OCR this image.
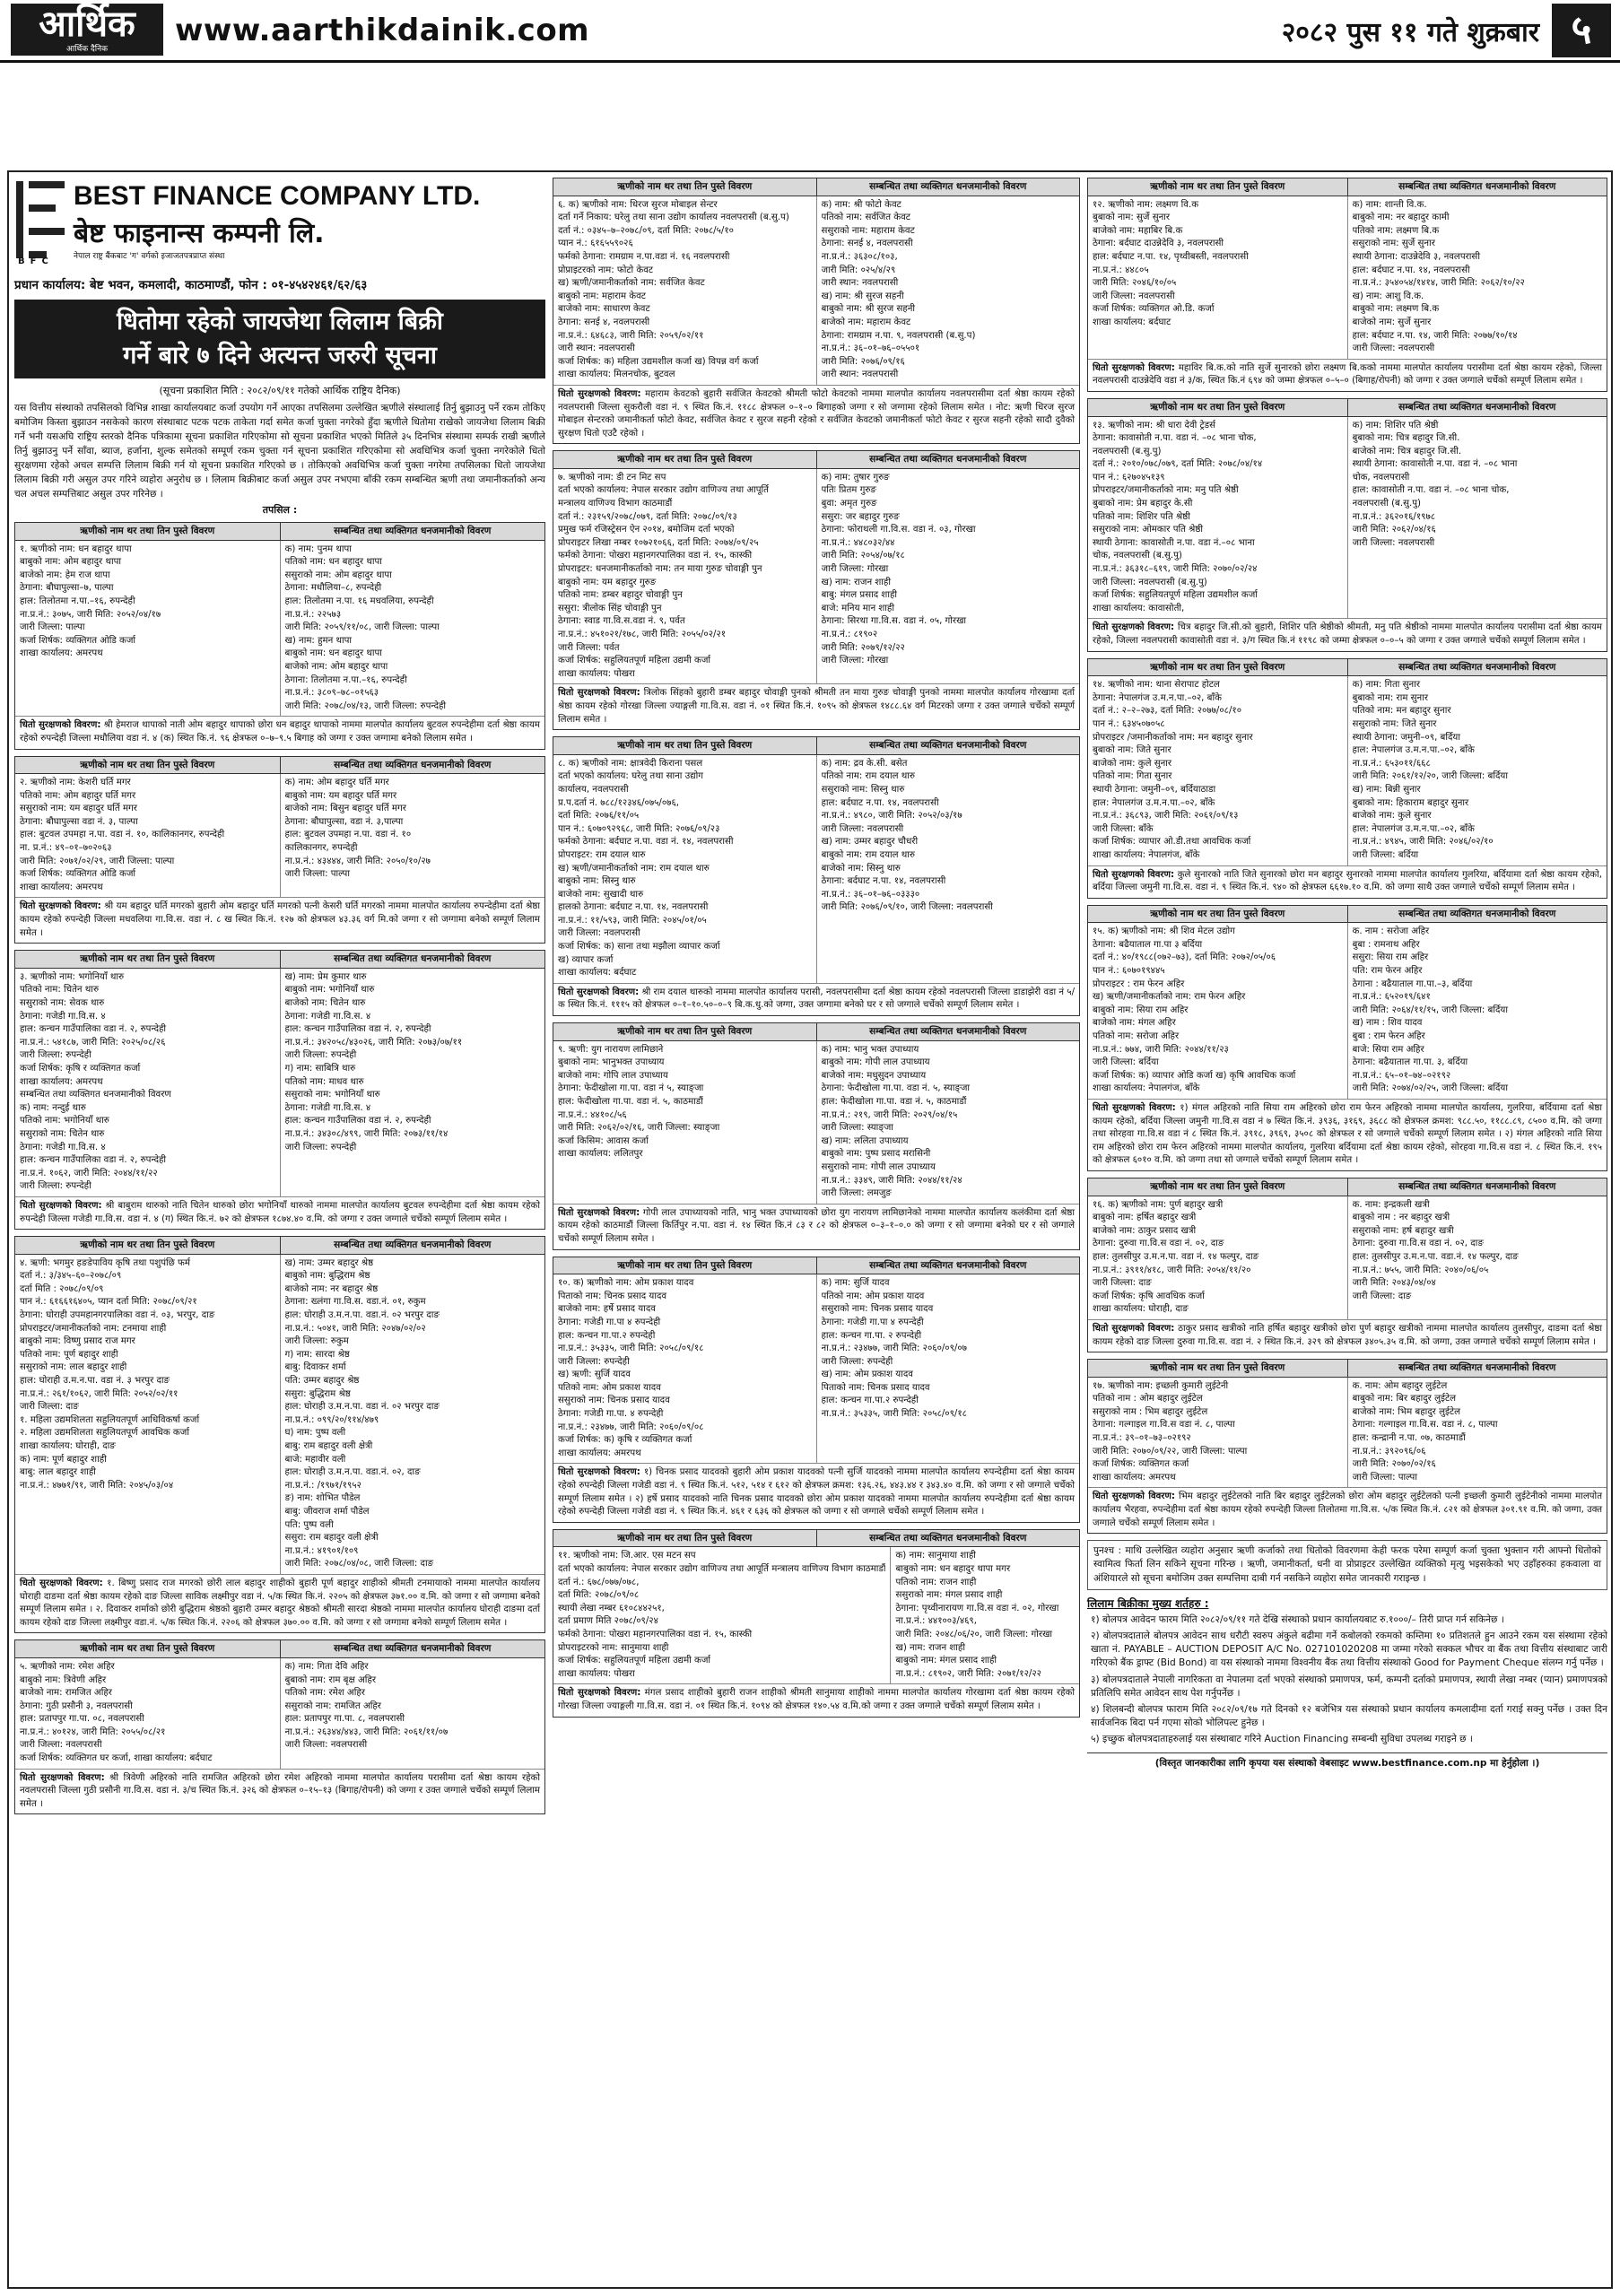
आर्थिक
आर्थिक दैनिक
www.aarthikdainik.com	२०८२ पुस ११ गते शुक्रबार ५
BEST FINANCE COMPANY LTD.
बेष्ट फाइनान्स कम्पनी लि.
नेपाल राष्ट्र बैंकबाट 'ग' वर्गको इजाजतपत्रप्राप्त संस्था
BFC
प्रधान कार्यालय: बेष्ट भवन, कमलादी, काठमाण्डौं, फोन : ०१-४५४२४६१/६२/६३
धितोमा रहेको जायजेथा लिलाम बिक्री
गर्ने बारे ७ दिने अत्यन्त जरुरी सूचना
(सूचना प्रकाशित मिति : २०८२/०९/११ गतेको आर्थिक राष्ट्रिय दैनिक)

यस वित्तीय संस्थाको तपसिलको विभिन्न शाखा कार्यालयबाट कर्जा उपयोग गर्ने आएका तपसिलमा उल्लेखित ऋणीले संस्थालाई तिर्नु बुझाउनु पर्ने रकम तोकिए बमोजिम किस्ता बुझाउन नसकेको कारण संस्थाबाट पटक पटक ताकेता गर्दा समेत कर्जा चुक्ता नगरेको हुँदा ऋणीले धितोमा राखेको जायजेथा लिलाम बिक्री गर्ने भनी यसअघि राष्ट्रिय स्तरको दैनिक पत्रिकामा सूचना प्रकाशित गरिएकोमा सो सूचना प्रकाशित भएको मितिले ३५ दिनभित्र संस्थामा सम्पर्क राखी ऋणीले तिर्नु बुझाउनु पर्ने साँवा, ब्याज, हर्जाना, शुल्क समेतको सम्पूर्ण रकम चुक्ता गर्न सूचना प्रकाशित गरिएकोमा सो अवधिभित्र कर्जा चुक्ता नगरेकोले धितो सुरक्षणमा रहेको अचल सम्पत्ति लिलाम बिक्री गर्न यो सूचना प्रकाशित गरिएको छ । तोकिएको अवधिभित्र कर्जा चुक्ता नगरेमा तपसिलका धितो जायजेथा लिलाम बिक्री गरी असुल उपर गरिने व्यहोरा अनुरोध छ । लिलाम बिक्रीबाट कर्जा असुल उपर नभएमा बाँकी रकम सम्बन्धित ऋणी तथा जमानीकर्ताको अन्य चल अचल सम्पत्तिबाट असुल उपर गरिनेछ ।

तपसिल :
ऋणीको नाम थर तथा तिन पुस्ते विवरण	सम्बन्धित तथा व्यक्तिगत धनजमानीको विवरण
१. ऋणीको नाम: धन बहादुर थापा
बाबुको नाम: ओम बहादुर थापा
बाजेको नाम: हेम राज थापा
ठेगाना: बौघापुल्सा–७, पाल्पा
हाल: तिलोतमा न.पा.–१६, रुपन्देही
ना.प्र.नं.: ३०७५, जारी मिति: २०५२/०४/१७
जारी जिल्ला: पाल्पा
कर्जा शिर्षक: व्यक्तिगत ओडि कर्जा
शाखा कार्यालय: अमरपथ
क) नाम: पुनम थापा
पतिको नाम: धन बहादुर थापा
ससुराको नाम: ओम बहादुर थापा
ठेगाना: मधौलिया–८, रुपन्देही
हाल: तिलोतमा न.पा. १६ मधवलिया, रुपन्देही
ना.प्र.नं.: २२५७३
जारी मिति: २०५९/११/०८, जारी जिल्ला: पाल्पा
ख) नाम: हुमन थापा
बाबुको नाम: धन बहादुर थापा
बाजेको नाम: ओम बहादुर थापा
ठेगाना: तिलोतमा न.पा.–१६, रुपन्देही
ना.प्र.नं.: ३८०९–७८–०१५६३
जारी मिति: २०७८/०४/१३, जारी जिल्ला: रुपन्देही
धितो सुरक्षणको विवरण: श्री हेमराज थापाको नाती ओम बहादुर थापाको छोरा धन बहादुर थापाको नाममा मालपोत कार्यालय बुटवल रुपन्देहीमा दर्ता श्रेष्ठा कायम रहेको रुपन्देही जिल्ला मधौलिया वडा नं. ४ (क) स्थित कि.नं. ९६ क्षेत्रफल ०–७–९.५ बिगाह को जग्गा र उक्त जग्गामा बनेको लिलाम समेत ।
ऋणीको नाम थर तथा तिन पुस्ते विवरण	सम्बन्धित तथा व्यक्तिगत धनजमानीको विवरण
२. ऋणीको नाम: केशरी घर्ति मगर
पतिको नाम: ओम बहादुर घर्ति मगर
ससुराको नाम: यम बहादुर घर्ति मगर
ठेगाना: बौघापुल्सा वडा नं. ३, पाल्पा
हाल: बुटवल उपमहा न.पा. वडा नं. १०, कालिकानगर, रुपन्देही
ना. प्र.नं.: ४९–०१–७०२०६३
जारी मिति: २०७१/०२/२९, जारी जिल्ला: पाल्पा
कर्जा शिर्षक: व्यक्तिगत ओडि कर्जा
शाखा कार्यालय: अमरपथ
क) नाम: ओम बहादुर घर्ति मगर
बाबुको नाम: यम बहादुर घर्ति मगर
बाजेको नाम: बिसुन बहादुर घर्ति मगर
ठेगाना: बौघापुल्सा, वडा नं. ३,पाल्पा
हाल: बुटवल उपमहा न.पा. वडा नं. १०
कालिकानगर, रुपन्देही
ना.प्र.नं.: ४३४४४, जारी मिति: २०५०/१०/२७
जारी जिल्ला: पाल्पा
धितो सुरक्षणको विवरण: श्री यम बहादुर घर्ति मगरको बुहारी ओम बहादुर घर्ति मगरको पत्नी केसरी घर्ति मगरको नाममा मालपोत कार्यालय रुपन्देहीमा दर्ता श्रेष्ठा कायम रहेको रुपन्देही जिल्ला मधवलिया गा.वि.स. वडा नं. ८ ख स्थित कि.नं. १२७ को क्षेत्रफल ४३.३६ वर्ग मि.को जग्गा र सो जग्गामा बनेको सम्पूर्ण लिलाम समेत ।
ऋणीको नाम थर तथा तिन पुस्ते विवरण	सम्बन्धित तथा व्यक्तिगत धनजमानीको विवरण
३. ऋणीको नाम: भगोनियाँ थारु
पतिको नाम: चितेन थारु
ससुराको नाम: सेवक थारु
ठेगाना: गजेडी गा.वि.स. ४
हाल: कन्चन गाउँपालिका वडा नं. २, रुपन्देही
ना.प्र.नं.: ५४१८७, जारी मिति: २०२५/०८/२६
जारी जिल्ला: रुपन्देही
कर्जा शिर्षक: कृषि र व्यक्तिगत कर्जा
शाखा कार्यालय: अमरपथ
सम्बन्धित तथा व्यक्तिगत धनजमानीको विवरण
क) नाम: नन्दुई थारु
पतिको नाम: भगोनियाँ थारु
ससुराको नाम: चितेन थारु
ठेगाना: गजेडी गा.वि.स. ४
हाल: कन्चन गाउँपालिका वडा नं. २, रुपन्देही
ना.प्र.नं. १०६२, जारी मिति: २०४४/११/२२
जारी जिल्ला: रुपन्देही
ख) नाम: प्रेम कुमार थारु
बाबुको नाम: भगोनियाँ थारु
बाजेको नाम: चितेन थारु
ठेगाना: गजेडी गा.वि.स. ४
हाल: कन्चन गाउँपालिका वडा नं. २, रुपन्देही
ना.प्र.नं.: ३४२०५८/४३०२६, जारी मिति: २०७३/०७/११
जारी जिल्ला: रुपन्देही
ग) नाम: साबित्रि थारु
पतिको नाम: माधव थारु
ससुराको नाम: भगोनियाँ थारु
ठेगाना: गजेडी गा.वि.स. ४
हाल: कन्चन गाउँपालिका वडा नं. २, रुपन्देही
ना.प्र.नं.: ३४३०८/४९९, जारी मिति: २०७३/११/१४
जारी जिल्ला: रुपन्देही
धितो सुरक्षणको विवरण: श्री बाबुराम थारुको नाति चितेन थारुको छोरा भगोनियाँ थारुको नाममा मालपोत कार्यालय बुटवल रुपन्देहीमा दर्ता श्रेष्ठा कायम रहेको रुपन्देही जिल्ला गजेडी गा.वि.स. वडा नं. ४ (ग) स्थित कि.नं. ७२ को क्षेत्रफल १८७४.४० व.मि. को जग्गा र उक्त जग्गाले चर्चेको सम्पूर्ण लिलाम समेत ।
ऋणीको नाम थर तथा तिन पुस्ते विवरण	सम्बन्धित तथा व्यक्तिगत धनजमानीको विवरण
४. ऋणी: भगमुर हङडेपाविय कृषि तथा पशुपंछि फर्म
दर्ता नं.: ३/३४५–६०–२०७८/०९
दर्ता मिति : २०७८/०९/०९
पान नं.: ६१६६१६४०५, प्यान दर्ता मिति: २०७८/०९/२१
ठेगाना: घोराही उपमहानगरपालिका वडा नं. ०३, भरपुर, दाङ
प्रोपराइटर/जमानीकर्ताको नाम: टनमाया शाही
बाबुको नाम: विष्णु प्रसाद राज मगर
पतिको नाम: पूर्ण बहादुर शाही
ससुराको नाम: लाल बहादुर शाही
हाल: घोराही उ.म.न.पा. वडा नं. ३ भरपुर दाङ
ना.प्र.नं.: २६१/१०६२, जारी मिति: २०५२/०२/११
जारी जिल्ला: दाङ
१. महिला उद्यमशिलता सहुलियतपूर्ण आधिविकर्षा कर्जा
२. महिला उद्यमशिलता सहुलियतपूर्ण आवधिक कर्जा
शाखा कार्यालय: घोराही, दाङ
क) नाम: पूर्ण बहादुर शाही
बाबु: लाल बहादुर शाही
ना.प्र.नं.: ४७७१/९१, जारी मिति: २०४५/०३/०४
ख) नाम: उम्मर बहादुर श्रेष्ठ
बाबुको नाम: बुद्धिराम श्रेष्ठ
बाजेको नाम: नर बहादुर श्रेष्ठ
ठेगाना: ख्लंगा गा.वि.स. वडा.नं. ०१, रुकुम
हाल: घोराही उ.म.न.पा. वडा.नं. ०२ भरपुर दाङ
ना.प्र.नं.: ५०४१, जारी मिति: २०४७/०२/०२
जारी जिल्ला: रुकुम
ग) नाम: सारदा श्रेष्ठ
बाबु: दिवाकर शर्मा
पति: उम्मर बहादुर श्रेष्ठ
ससुरा: बुद्धिराम श्रेष्ठ
हाल: घोराही उ.म.न.पा. वडा नं. ०२ भरपुर दाङ
ना.प्र.नं.: ०९९/२०/११४/४७९
घ) नाम: पुष्प वली
बाबु: राम बहादुर वली क्षेत्री
बाजे: महावीर वली
हाल: घोराही उ.म.न.पा. वडा.नं. ०२, दाङ
ना.प्र.नं.: /१९७१/१९५२
ङ) नाम: शोभित पौडेल
बाबु: जीवराज शर्मा पौडेल
पति: पुष्प वली
ससुरा: राम बहादुर वली क्षेत्री
ना.प्र.नं.: ४१९०१/१०९
जारी मिति: २०७८/०४/०८, जारी जिल्ला: दाङ
धितो सुरक्षणको विवरण: १. बिष्णु प्रसाद राज मगरको छोरी लाल बहादुर शाहीको बुहारी पूर्ण बहादुर शाहीको श्रीमती टनमायाको नाममा मालपोत कार्यालय घोराही दाङमा दर्ता श्रेष्ठा कायम रहेको दाङ जिल्ला साविक लक्ष्मीपुर वडा नं. ५/क स्थित कि.नं. २२०५ को क्षेत्रफल ३७१.०० व.मि. को जग्गा र सो जग्गामा बनेको सम्पूर्ण लिलाम समेत । २. दिवाकर शर्माको छोरी बुद्धिराम श्रेष्ठको बुहारी उम्मर बहादुर श्रेष्ठको श्रीमती सारदा श्रेष्ठको नाममा मालपोत कार्यालय घोराही दाङमा दर्ता कायम रहेको दाङ जिल्ला लक्ष्मीपुर वडा.नं. ५/क स्थित कि.नं. २२०६ को क्षेत्रफल ३७०.०० व.मि. को जग्गा र सो जग्गामा बनेको सम्पूर्ण लिलाम समेत ।
ऋणीको नाम थर तथा तिन पुस्ते विवरण	सम्बन्धित तथा व्यक्तिगत धनजमानीको विवरण
५. ऋणीको नाम: रमेश अहिर
बाबुको नाम: त्रिवेणी अहिर
बाजेको नाम: रामजित अहिर
ठेगाना: गुठी प्रसौनी ३, नवलपरासी
हाल: प्रतापपुर गा.पा. ०८, नवलपरासी
ना.प्र.नं.: ४०१२४, जारी मिति: २०५५/०८/२१
जारी जिल्ला: नवलपरासी
कर्जा शिर्षक: व्यक्तिगत घर कर्जा, शाखा कार्यालय: बर्दघाट
क) नाम: गिता देवि अहिर
बुबाको नाम: राम बृक्ष अहिर
पतिको नाम: रमेश अहिर
ससुराको नाम: रामजित अहिर
हाल: प्रतापपुर गा.पा. ८, नवलपरासी
ना.प्र.नं.: २६३४४/४४३, जारी मिति: २०६१/११/०७
जारी जिल्ला: नवलपरासी
धितो सुरक्षणको विवरण: श्री त्रिवेणी अहिरको नाति रामजित अहिरको छोरा रमेश अहिरको नाममा मालपोत कार्यालय परासीमा दर्ता श्रेष्ठा कायम रहेको नवलपरासी जिल्ला गुठी प्रसौनी गा.वि.स. वडा नं. ३/च स्थित कि.नं. ३२६ को क्षेत्रफल ०–१५–१३ (बिगाह/रोपनी) को जग्गा र उक्त जग्गाले चर्चेको सम्पूर्ण लिलाम समेत ।
ऋणीको नाम थर तथा तिन पुस्ते विवरण	सम्बन्धित तथा व्यक्तिगत धनजमानीको विवरण
६. क) ऋणीको नाम: धिरज सुरज मोबाइल सेन्टर
दर्ता गर्ने निकाय: घरेलु तथा साना उद्योग कार्यालय नवलपरासी (ब.सु.प)
दर्ता नं.: ०३४५–७–२०७८/०९, दर्ता मिति: २०७८/५/१०
प्यान नं.: ६१६५५९०२६
फर्मको ठेगाना: रामग्राम न.पा.वडा नं. १६ नवलपरासी
प्रोप्राइटरको नाम: फोटो केवट
ख) ऋणी/जमानीकर्ताको नाम: सर्वजित केवट
बाबुको नाम: महाराम केवट
बाजेको नाम: साधारण केवट
ठेगाना: सनई ४, नवलपरासी
ना.प्र.नं.: ६४६८३, जारी मिति: २०५९/०२/११
जारी स्थान: नवलपरासी
कर्जा शिर्षक: क) महिला उद्यमशील कर्जा ख) विपन्न वर्ग कर्जा
शाखा कार्यालय: मिलनचोक, बुटवल
क) नाम: श्री फोटो केवट
पतिको नाम: सर्वजित केवट
ससुराको नाम: महाराम केवट
ठेगाना: सनई ४, नवलपरासी
ना.प्र.नं.: ३६३०८/१०३,
जारी मिति: ०२५/४/२९
जारी स्थान: नवलपरासी
ख) नाम: श्री सुरज सहनी
बाबुको नाम: श्री सुरज सहनी
बाजेको नाम: महाराम केवट
ठेगाना: रामग्राम न.पा. ९, नवलपरासी (ब.सु.प)
ना.प्र.नं.: ३६–०१–७६–०५५०१
जारी मिति: २०७६/०९/१६
जारी स्थान: नवलपरासी
धितो सुरक्षणको विवरण: महाराम केवटको बुहारी सर्वजित केवटको श्रीमती फोटो केवटको नाममा मालपोत कार्यालय नवलपरासीमा दर्ता श्रेष्ठा कायम रहेको नवलपरासी जिल्ला सुकरौली वडा नं. ९ स्थित कि.नं. ११८८ क्षेत्रफल ०–१–० बिगाहको जग्गा र सो जग्गामा रहेको लिलाम समेत । नोट: ऋणी धिरज सुरज मोबाइल सेन्टरको जमानीकर्ता फोटो केवट, सर्वजित केवट र सुरज सहनी रहेको र सर्वजित केवटको जमानीकर्ता फोटो केवट र सुरज सहनी रहेको सादौ दुवैको सुरक्षण धितो एउटै रहेको ।
ऋणीको नाम थर तथा तिन पुस्ते विवरण	सम्बन्धित तथा व्यक्तिगत धनजमानीको विवरण
७. ऋणीको नाम: डी टन मिट सप
दर्ता भएको कार्यालय: नेपाल सरकार उद्योग वाणिज्य तथा आपूर्ति
मन्त्रालय वाणिज्य विभाग काठमाडौं
दर्ता नं.: २३१५९/२०७८/०७९, दर्ता मिति: २०७८/०९/१३
प्रमुख फर्म रजिस्ट्रेसन ऐन २०१४, बमोजिम दर्ता भएको
प्रोपराइटर लिखा नम्बर १०७२१०६६, दर्ता मिति: २०७४/०९/२५
फर्मको ठेगाना: पोखरा महानगरपालिका वडा नं. १५, कास्की
प्रोपराइटर: धनजमानीकर्ताको नाम: तन माया गुरुङ चोवाङ्गी पुन
बाबुको नाम: यम बहादुर गुरुङ
पतिको नाम: डम्बर बहादुर चोवाङ्गी पुन
ससुरा: त्रीलोक सिंह चोवाङ्गी पुन
ठेगाना: स्वाड गा.वि.स.वडा नं. ९, पर्वत
ना.प्र.नं.: ४५१०२१/१७८, जारी मिति: २०५५/०२/२१
जारी जिल्ला: पर्वत
कर्जा शिर्षक: सहुलियतपूर्ण महिला उद्यमी कर्जा
शाखा कार्यालय: पोखरा
क) नाम: तुषार गुरुङ
पतिः प्रितम गुरुङ
बुवा: अमृत गुरुङ
ससुरा: जर बहादुर गुरुङ
ठेगाना: फोराथली गा.वि.स. वडा नं. ०३, गोरखा
ना.प्र.नं.: ४४८०३२/४४
जारी मिति: २०५४/०७/१८
जारी जिल्ला: गोरखा
ख) नाम: राजन शाही
बाबु: मंगल प्रसाद शाही
बाजे: मनिय मान शाही
ठेगाना: सिरथा गा.वि.स. वडा नं. ०५, गोरखा
ना.प्र.नं.: ८१९०२
जारी मिति: २०७९/१२/२२
जारी जिल्ला: गोरखा
धितो सुरक्षणको विवरण: त्रिलोक सिंहको बुहारी डम्बर बहादुर चोवाङ्गी पुनको श्रीमती तन माया गुरुङ चोवाङ्गी पुनको नाममा मालपोत कार्यालय गोरखामा दर्ता श्रेष्ठा कायम रहेको गोरखा जिल्ला ज्याङ्गली गा.वि.स. वडा नं. ०१ स्थित कि.नं. १०९५ को क्षेत्रफल १४८८.६४ वर्ग मिटरको जग्गा र उक्त जग्गाले चर्चेको सम्पूर्ण लिलाम समेत ।
ऋणीको नाम थर तथा तिन पुस्ते विवरण	सम्बन्धित तथा व्यक्तिगत धनजमानीको विवरण
८. क) ऋणीको नाम: क्षात्रवेदी किराना पसल
दर्ता भएको कार्यालय: घरेलु तथा साना उद्योग
कार्यालय, नवलपरासी
प्र.प.दर्ता नं. ७८८/१२३४६/०७५/०७६,
दर्ता मिति: २०७६/११/०५
पान नं.: ६०७०९२९६८, जारी मिति: २०७६/०९/२३
फर्मको ठेगाना: बर्दघाट न.पा. वडा नं. १४, नवलपरासी
प्रोपराइटर: राम दयाल थारु
ख) ऋणी/जमानीकर्ताको नाम: राम दयाल थारु
बाबुको नाम: सिस्नु थारु
बाजेको नाम: सुखादी थारु
हालको ठेगाना: बर्दघाट न.पा. १४, नवलपरासी
ना.प्र.नं.: ११/५९३, जारी मिति: २०४५/०१/०५
जारी जिल्ला: नवलपरासी
कर्जा शिर्षक: क) साना तथा मझौला व्यापार कर्जा
ख) व्यापार कर्जा
शाखा कार्यालय: बर्दघाट
क) नाम: द्रव के.सी. बसेत
पतिको नाम: राम दयाल थारु
ससुराको नाम: सिस्नु थारु
हाल: बर्दघाट न.पा. १४, नवलपरासी
ना.प्र.नं.: ४९८०, जारी मिति: २०५२/०३/१७
जारी जिल्ला: नवलपरासी
ख) नाम: उम्मर बहादुर चौधरी
बाबुको नाम: राम दयाल थारु
बाजेको नाम: सिस्नु थारु
ठेगाना: बर्दघाट न.पा. १४, नवलपरासी
ना.प्र.नं.: ३६–०१–७६–०३३३०
जारी मिति: २०७६/०९/१०, जारी जिल्ला: नवलपरासी
धितो सुरक्षणको विवरण: श्री राम दयाल थारुको नाममा मालपोत कार्यालय परासी, नवलपरासीमा दर्ता श्रेष्ठा कायम रहेको नवलपरासी जिल्ला डाडाझेरी वडा नं ५/क स्थित कि.नं. १११५ को क्षेत्रफल ०–१–१०.५०–०–९ बि.क.धु.को जग्गा, उक्त जग्गामा बनेको घर र सो जग्गाले चर्चेको सम्पूर्ण लिलाम समेत ।
ऋणीको नाम थर तथा तिन पुस्ते विवरण	सम्बन्धित तथा व्यक्तिगत धनजमानीको विवरण
९. ऋणी: युग नारायण लामिछाने
बुबाको नाम: भानुभक्त उपाध्याय
बाजेको नाम: गोपि लाल उपाध्याय
ठेगाना: फेदीखोला गा.पा. वडा नं ५, स्याङ्जा
हाल: फेदीखोला गा.पा. वडा नं. ५, काठमाडौं
ना.प्र.नं.: ४४१०८/५६
जारी मिति: २०६२/०२/१६, जारी जिल्ला: स्याङ्जा
कर्जा किसिम: आवास कर्जा
शाखा कार्यालय: ललितपुर
क) नाम: भानु भक्त उपाध्याय
बाबुको नाम: गोपी लाल उपाध्याय
बाजेको नाम: मधुसुदन उपाध्याय
ठेगाना: फेदीखोला गा.पा. वडा नं. ५, स्याङ्जा
हाल: फेदीखोला गा.पा. वडा नं. ५, काठमाडौं
ना.प्र.नं.: २१९, जारी मिति: २०२९/०४/१५
जारी जिल्ला: स्याङ्जा
ख) नाम: ललिता उपाध्याय
बाबुको नाम: पुष्प प्रसाद मरासिनी
ससुराको नाम: गोपी लाल उपाध्याय
ना.प्र.नं.: ३३४९, जारी मिति: २०४४/११/२४
जारी जिल्ला: लमजुङ
धितो सुरक्षणको विवरण: गोपी लाल उपाध्यायको नाति, भानु भक्त उपाध्यायको छोरा युग नारायण लामिछानेको नाममा मालपोत कार्यालय कलंकीमा दर्ता श्रेष्ठा कायम रहेको काठमाडौं जिल्ला किर्तिपुर न.पा. वडा नं. १४ स्थित कि.नं ८३ र ८२ को क्षेत्रफल ०–३–१–०.० को जग्गा र सो जग्गामा बनेको घर र सो जग्गाले चर्चेको सम्पूर्ण लिलाम समेत ।
ऋणीको नाम थर तथा तिन पुस्ते विवरण	सम्बन्धित तथा व्यक्तिगत धनजमानीको विवरण
१०. क) ऋणीको नाम: ओम प्रकाश यादव
पिताको नाम: चिनक प्रसाद यादव
बाजेको नाम: हर्षे प्रसाद यादव
ठेगाना: गजेडी गा.पा ४ रुपन्देही
हाल: कन्चन गा.पा.२ रुपन्देही
ना.प्र.नं.: ३५३३५, जारी मिति: २०५८/०९/१८
जारी जिल्ला: रुपन्देही
ख) ऋणी: सुर्जि यादव
पतिको नाम: ओम प्रकाश यादव
ससुराको नाम: चिनक प्रसाद यादव
ठेगाना: गजेडी गा.पा. ४ रुपन्देही
ना.प्र.नं.: २३४७७, जारी मिति: २०६०/०९/०८
कर्जा शिर्षक: क) कृषि र व्यक्तिगत कर्जा
शाखा कार्यालय: अमरपथ
क) नाम: सुर्जि यादव
पतिको नाम: ओम प्रकाश यादव
ससुराको नाम: चिनक प्रसाद यादव
ठेगाना: गजेडी गा.पा ४ रुपन्देही
हाल: कन्चन गा.पा. २ रुपन्देही
ना.प्र.नं.: २३४७७, जारी मिति: २०६०/०९/०७
जारी जिल्ला: रुपन्देही
ख) नाम: ओम प्रकाश यादव
पिताको नाम: चिनक प्रसाद यादव
हाल: कन्चन गा.पा.२ रुपन्देही
ना.प्र.नं.: ३५३३५, जारी मिति: २०५८/०९/१८
धितो सुरक्षणको विवरण: १) चिनक प्रसाद यादवको बुहारी ओम प्रकाश यादवको पत्नी सुर्जि यादवको नाममा मालपोत कार्यालय रुपन्देहीमा दर्ता श्रेष्ठा कायम रहेको रुपन्देही जिल्ला गजेडी वडा नं. ९ स्थित कि.नं. ५१२, ५१४ र ६१२ को क्षेत्रफल क्रमश: १३६.२६, ४४३.४४ र ३४३.४० व.मि. को जग्गा र सो जग्गाले चर्चेको सम्पूर्ण लिलाम समेत । २) हर्षे प्रसाद यादवको नाति चिनक प्रसाद यादवको छोरा ओम प्रकाश यादवको नाममा मालपोत कार्यालय रुपन्देहीमा दर्ता श्रेष्ठा कायम रहेको रुपन्देही जिल्ला गजेडी वडा नं. ९ स्थित कि.नं. ४६१ र ६३६ को क्षेत्रफल को जग्गा र सो जग्गाले चर्चेको सम्पूर्ण लिलाम समेत ।
ऋणीको नाम थर तथा तिन पुस्ते विवरण	सम्बन्धित तथा व्यक्तिगत धनजमानीको विवरण
११. ऋणीको नाम: जि.आर. एस मटन सप
दर्ता भएको कार्यालय: नेपाल सरकार उद्योग वाणिज्य तथा आपूर्ति मन्त्रालय वाणिज्य विभाग काठमाडौं
दर्ता नं.: ६७८/०७७/०७८,
दर्ता मिति: २०७८/०९/०८
स्थायी लेखा नम्बर ६१०८४४२५१,
दर्ता प्रमाण मिति २०७८/०९/२४
फर्मको ठेगाना: पोखरा महानगरपालिका वडा नं. १५, कास्की
प्रोपराइटरको नाम: सानुमाया शाही
कर्जा शिर्षक: सहुलियतपूर्ण महिला उद्यमी कर्जा
शाखा कार्यालय: पोखरा
क) नाम: सानुमाया शाही
बाबुको नाम: धन बहादुर थापा मगर
पतिको नाम: राजन शाही
ससुराको नाम: मंगल प्रसाद शाही
ठेगाना: पृथ्वीनारायण गा.वि.स वडा नं. ०२, गोरखा
ना.प्र.नं.: ४४१००३/४६९,
जारी मिति: २०४८/०६/२०, जारी जिल्ला: गोरखा
ख) नाम: राजन शाही
बाबुको नाम: मंगल प्रसाद शाही
ना.प्र.नं.: ८१९०२, जारी मिति: २०७१/१२/२२
धितो सुरक्षणको विवरण: मंगल प्रसाद शाहीको बुहारी राजन शाहीको श्रीमती सानुमाया शाहीको नाममा मालपोत कार्यालय गोरखामा दर्ता श्रेष्ठा कायम रहेको गोरखा जिल्ला ज्याङ्गली गा.वि.स. वडा नं. ०१ स्थित कि.नं. १०९४ को क्षेत्रफल १४०.५४ व.मि.को जग्गा र उक्त जग्गाले चर्चेको सम्पूर्ण लिलाम समेत ।
ऋणीको नाम थर तथा तिन पुस्ते विवरण	सम्बन्धित तथा व्यक्तिगत धनजमानीको विवरण
१२. ऋणीको नाम: लक्ष्मण वि.क
बुबाको नाम: सुर्जे सुनार
बाजेको नाम: महाबिर बि.क
ठेगाना: बर्दघाट दाउन्नेदेवि ३, नवलपरासी
हाल: बर्दघाट न.पा. १४, पृथ्वीबस्ती, नवलपरासी
ना.प्र.नं.: ४४८०५
जारी मिति: २०४६/१०/०५
जारी जिल्ला: नवलपरासी
कर्जा शिर्षक: व्यक्तिगत ओ.डि. कर्जा
शाखा कार्यालय: बर्दघाट
क) नाम: शान्ती वि.क.
बाबुको नाम: नर बहादुर कामी
पतिको नाम: लक्ष्मण बि.क
ससुराको नाम: सुर्जे सुनार
स्थायी ठेगाना: दाउन्नेदेवि ३, नवलपरासी
हाल: बर्दघाट न.पा. १४, नवलपरासी
ना.प्र.नं.: ३५४०५४/१४१४, जारी मिति: २०६२/१०/२२
ख) नाम: आशु वि.क.
बाबुको नाम: लक्ष्मण बि.क
बाजेको नाम: सुर्जे सुनार
हाल: बर्दघाट न.पा. १४, जारी मिति: २०७७/१०/१४
जारी जिल्ला: नवलपरासी
धितो सुरक्षणको विवरण: महाविर बि.क.को नाति सुर्जे सुनारको छोरा लक्ष्मण बि.कको नाममा मालपोत कार्यालय परासीमा दर्ता श्रेष्ठा कायम रहेको, जिल्ला नवलपरासी दाउन्नेदेवि वडा नं ३/क, स्थित कि.नं ६९४ को जम्मा क्षेत्रफल ०–५–० (बिगाह/रोपनी) को जग्गा र उक्त जग्गाले चर्चेको सम्पूर्ण लिलाम समेत ।
ऋणीको नाम थर तथा तिन पुस्ते विवरण	सम्बन्धित तथा व्यक्तिगत धनजमानीको विवरण
१३. ऋणीको नाम: श्री धारा देवी ट्रेडर्स
ठेगाना: कावासोती न.पा. वडा नं. –०८ भाना चोक,
नवलपरासी (ब.सु.पु)
दर्ता नं.: २०१०/०७८/०७९, दर्ता मिति: २०७८/०४/१४
पान नं.: ६२७०४५१३९
प्रोपराइटर/जमानीकर्ताको नाम: मनु पति श्रेष्ठी
बुबाको नाम: प्रेम बहादुर के.सी
पतिको नाम: शिशिर पति श्रेष्ठी
ससुराको नाम: ओमकार पति श्रेष्ठी
स्थायी ठेगाना: कावासोती न.पा. वडा नं.–०८ भाना
चोक, नवलपरासी (ब.सु.पु)
ना.प्र.नं.: ३६३१८–६१९, जारी मिति: २०७०/०२/२४
जारी जिल्ला: नवलपरासी (ब.सु.पु)
कर्जा शिर्षक: सहुलियतपूर्ण महिला उद्यमशील कर्जा
शाखा कार्यालय: कावासोती,
क) नाम: शिशिर पति श्रेष्ठी
बुबाको नाम: चित्र बहादुर जि.सी.
बाजेको नाम: चित्र बहादुर जि.सी.
स्थायी ठेगाना: कावासोती न.पा. वडा नं. –०८ भाना
चोक, नवलपरासी
हाल: कावासोती न.पा. वडा नं. –०८ भाना चोक,
नवलपरासी (ब.सु.पु)
ना.प्र.नं.: ३६२०१६/१९७८
जारी मिति: २०६२/०४/१६
जारी जिल्ला: नवलपरासी
धितो सुरक्षणको विवरण: चित्र बहादुर जि.सी.को बुहारी, शिशिर पति श्रेष्ठीको श्रीमती, मनु पति श्रेष्ठीको नाममा मालपोत कार्यालय परासीमा दर्ता श्रेष्ठा कायम रहेको, जिल्ला नवलपरासी कावासोती वडा नं. ३/ग स्थित कि.नं ११९८ को जम्मा क्षेत्रफल ०–०–५ को जग्गा र उक्त जग्गाले चर्चेको सम्पूर्ण लिलाम समेत ।
ऋणीको नाम थर तथा तिन पुस्ते विवरण	सम्बन्धित तथा व्यक्तिगत धनजमानीको विवरण
१४. ऋणीको नाम: थाना सेरापाट होटल
ठेगाना: नेपालगंज उ.म.न.पा.–०२, बाँके
दर्ता नं.: २–२–२७३, दर्ता मिति: २०७७/०८/१०
पान नं.: ६३४५०७०५८
प्रोपराइटर /जमानीकर्ताको नाम: मन बहादुर सुनार
बुबाको नाम: जिते सुनार
बाजेको नाम: कुले सुनार
पतिको नाम: गिता सुनार
स्थायी ठेगाना: जमुनी–०९, बर्दियाठाडा
हाल: नेपालगंज उ.म.न.पा.–०२, बाँके
ना.प्र.नं.: ३६८९३, जारी मिति: २०६१/०९/१३
जारी जिल्ला: बाँके
कर्जा शिर्षक: व्यापार ओ.डी.तथा आवधिक कर्जा
शाखा कार्यालय: नेपालगंज, बाँके
क) नाम: गिता सुनार
बुबाको नाम: राम सुनार
पतिको नाम: मन बहादुर सुनार
ससुराको नाम: जिते सुनार
स्थायी ठेगाना: जमुनी–०९, बर्दिया
हाल: नेपालगंज उ.म.न.पा.–०२, बाँके
ना.प्र.नं.: ६५३०११/६६८
जारी मिति: २०६१/१२/२०, जारी जिल्ला: बर्दिया
ख) नाम: बिन्नी सुनार
बुबाको नाम: हिकाराम बहादुर सुनार
बाजेको नाम: कुले सुनार
हाल: नेपालगंज उ.म.न.पा.–०२, बाँके
ना.प्र.नं.: ४९४५, जारी मिति: २०४६/०२/१०
जारी जिल्ला: बर्दिया
धितो सुरक्षणको विवरण: कुले सुनारको नाति जिते सुनारको छोरा मन बहादुर सुनारको नाममा मालपोत कार्यालय गुलरिया, बर्दियामा दर्ता श्रेष्ठा कायम रहेको, बर्दिया जिल्ला जमुनी गा.वि.स. वडा नं. ९ स्थित कि.नं. ९४० को क्षेत्रफल ६६१७.१० व.मि. को जग्गा साथै उक्त जग्गाले चर्चेको सम्पूर्ण लिलाम समेत ।
ऋणीको नाम थर तथा तिन पुस्ते विवरण	सम्बन्धित तथा व्यक्तिगत धनजमानीको विवरण
१५. क) ऋणीको नाम: श्री शिव मेटल उद्योग
ठेगाना: बढैयाताल गा.पा ३ बर्दिया
दर्ता नं.: ४०/१९८८(०७२–७३), दर्ता मिति: २०७२/०५/०६
पान नं.: ६०७०१९४४५
प्रोपराइटर : राम फेरन अहिर
ख) ऋणी/जमानीकर्ताको नाम: राम फेरन अहिर
बाबुको नाम: सिया राम अहिर
बाजेको नाम: मंगल अहिर
पतिको नाम: सरोजा अहिर
ना.प्र.नं.: ७७४, जारी मिति: २०४४/११/२३
जारी जिल्ला: बर्दिया
कर्जा शिर्षक: क) व्यापार ओडि कर्जा ख) कृषि आवधिक कर्जा
शाखा कार्यालय: नेपालगंज, बाँके
क. नाम : सरोजा अहिर
बुबा : रामनाथ अहिर
ससुरा: सिया राम अहिर
पति: राम फेरन अहिर
ठेगाना : बढैयाताल गा.पा.–३, बर्दिया
ना.प्र.नं.: ६५२०१९/६४१
जारी मिति: २०६४/११/१५, जारी जिल्ला: बर्दिया
ख) नाम : शिव यादव
बुबा : राम फेरन अहिर
बाजे: सिया राम अहिर
ठेगाना: बढैयाताल गा.पा. ३, बर्दिया
ना.प्र.नं.: ६५–०१–७४–०२१९२
जारी मिति: २०७४/०२/२५, जारी जिल्ला: बर्दिया
धितो सुरक्षणको विवरण: १) मंगल अहिरको नाति सिया राम अहिरको छोरा राम फेरन अहिरको नाममा मालपोत कार्यालय, गुलरिया, बर्दियामा दर्ता श्रेष्ठा कायम रहेको, बर्दिया जिल्ला जमुनी गा.वि.स वडा नं ७ स्थित कि.नं. ३९३६, ३१६९, ३६८८ को क्षेत्रफल क्रमश: ९८८.५०, ११८८.८९, ८५०० व.मि. को जग्गा तथा सोरहवा गा.वि.स वडा नं ८ स्थित कि.नं. ३९१८, ३९६९, ३५०८ को क्षेत्रफल र सो जग्गाले चर्चेको सम्पूर्ण लिलाम समेत । २) मंगल अहिरको नाति सिया राम अहिरको छोरा राम फेरन अहिरको नाममा मालपोत कार्यालय, गुलरिया बर्दियामा दर्ता श्रेष्ठा कायम रहेको, सोरहवा गा.वि.स वडा नं. ८ स्थित कि.नं. १९५ को क्षेत्रफल ६०१० व.मि. को जग्गा तथा सो जग्गाले चर्चेको सम्पूर्ण लिलाम समेत ।
ऋणीको नाम थर तथा तिन पुस्ते विवरण	सम्बन्धित तथा व्यक्तिगत धनजमानीको विवरण
१६. क) ऋणीको नाम: पुर्ण बहादुर खत्री
बाबुको नाम: हर्षित बहादुर खत्री
बाजेको नाम: ठाकुर प्रसाद खत्री
ठेगाना: दुरुवा गा.वि.स वडा नं. ०२, दाङ
हाल: तुलसीपुर उ.म.न.पा. वडा नं. १४ फल्पुर, दाङ
ना.प्र.नं.: ३९११/४१८, जारी मिति: २०५४/११/२०
जारी जिल्ला: दाङ
कर्जा शिर्षक: कृषि आवधिक कर्जा
शाखा कार्यालय: घोराही, दाङ
क. नाम: इन्द्रकली खत्री
बाबुको नाम : नर बहादुर खत्री
ससुराको नाम: हर्ष बहादुर खत्री
ठेगाना: दुरुवा गा.वि.स वडा नं. ०२, दाङ
हाल: तुलसीपुर उ.म.न.पा. वडा.नं. १४ फल्पुर, दाङ
ना.प्र.नं.: ७५५, जारी मिति: २०४०/०६/०५
जारी मिति: २०४३/०४/०४
जारी जिल्ला: दाङ
धितो सुरक्षणको विवरण: ठाकुर प्रसाद खत्रीको नाति हर्षित बहादुर खत्रीको छोरा पुर्ण बहादुर खत्रीको नाममा मालपोत कार्यालय तुलसीपुर, दाङमा दर्ता श्रेष्ठा कायम रहेको दाङ जिल्ला दुरुवा गा.वि.स. वडा नं. २ स्थित कि.नं. ३२९ को क्षेत्रफल ३४०५.३५ व.मि. को जग्गा, उक्त जग्गाले चर्चेको सम्पूर्ण लिलाम समेत ।
ऋणीको नाम थर तथा तिन पुस्ते विवरण	सम्बन्धित तथा व्यक्तिगत धनजमानीको विवरण
१७. ऋणीको नाम: इच्छली कुमारी लुईटेनी
पतिको नाम : ओम बहादुर लुईटेल
ससुराको नाम : भिम बहादुर लुईटेल
ठेगाना: गल्गाइल गा.वि.स वडा नं. ८, पाल्पा
ना.प्र.नं.: ३९–०१–७३–०२१९२
जारी मिति: २०७०/०९/२२, जारी जिल्ला: पाल्पा
कर्जा शिर्षक: व्यक्तिगत कर्जा
शाखा कार्यालय: अमरपथ
क. नाम: ओम बहादुर लुईटेल
बाबुको नाम: बिर बहादुर लुईटेल
बाजेको नाम: भिम बहादुर लुईटेल
ठेगाना: गल्गाइल गा.वि.स. वडा नं. ८, पाल्पा
हाल: कन्द्रानी न.पा. ०७, काठमाडौं
ना.प्र.नं.: ३९२०९६/०६
जारी मिति: २०७०/०२/१६
जारी जिल्ला: पाल्पा
धितो सुरक्षणको विवरण: भिम बहादुर लुईटेलको नाति बिर बहादुर लुईटेलको छोरा ओम बहादुर लुईटेलको पत्नी इच्छली कुमारी लुईटेनीको नाममा मालपोत कार्यालय भैरहवा, रुपन्देहीमा दर्ता श्रेष्ठा कायम रहेको रुपन्देही जिल्ला तिलोतमा गा.वि.स. ५/क स्थित कि.नं. ८२१ को क्षेत्रफल ३०१.९१ व.मि. को जग्गा, उक्त जग्गाले चर्चेको सम्पूर्ण लिलाम समेत ।

पुनश्च : माथि उल्लेखित व्यहोरा अनुसार ऋणी कर्जाको तथा धितोको विवरणमा केही फरक परेमा सम्पूर्ण कर्जा चुक्ता भुक्तान गरी आफ्नो धितोको स्वामित्व फिर्ता लिन सकिने सूचना गरिन्छ । ऋणी, जमानीकर्ता, धनी वा प्रोप्राइटर उल्लेखित व्यक्तिको मृत्यु भइसकेको भए उहाँहरुका हकवाला वा अंशियारले सो सूचना बमोजिम उक्त सम्पत्तिमा दाबी गर्न नसकिने व्यहोरा समेत जानकारी गराइन्छ ।

लिलाम बिक्रीका मुख्य शर्तहरु :
१) बोलपत्र आवेदन फारम मिति २०८२/०९/११ गते देखि संस्थाको प्रधान कार्यालयबाट रु.१०००/– तिरी प्राप्त गर्न सकिनेछ ।
२) बोलपत्रदाताले बोलपत्र आवेदन साथ धरौटी स्वरुप अंकुले बढीमा गर्ने कबोलको रकमको कम्तिमा १० प्रतिशतले हुन आउने रकम यस संस्थामा रहेको खाता नं. PAYABLE – AUCTION DEPOSIT A/C No. 027101020208 मा जम्मा गरेको सक्कल भौचर वा बैंक तथा वित्तीय संस्थाबाट जारी गरिएको बैंक ड्राफ्ट (Bid Bond) वा यस संस्थाको नाममा विश्वनीय बैंक तथा वित्तीय संस्थाको Good for Payment Cheque संलग्न गर्नु पर्नेछ ।
३) बोलपत्रदाताले नेपाली नागरिकता वा नेपालमा दर्ता भएको संस्थाको प्रमाणपत्र, फर्म, कम्पनी दर्ताको प्रमाणपत्र, स्थायी लेखा नम्बर (प्यान) प्रमाणपत्रको प्रतिलिपि समेत आवेदन साथ पेश गर्नुपर्नेछ ।
४) शिलबन्दी बोलपत्र फाराम मिति २०८२/०९/१७ गते दिनको १२ बजेभित्र यस संस्थाको प्रधान कार्यालय कमलादीमा दर्ता गराई सक्नु पर्नेछ । उक्त दिन सार्वजनिक बिदा पर्न गएमा सोको भोलिपल्ट हुनेछ ।
५) इच्छुक बोलपत्रदाताहरुलाई यस संस्थाबाट गरिने Auction Financing सम्बन्धी सुविधा उपलब्ध गराइने छ ।
(विस्तृत जानकारीका लागि कृपया यस संस्थाको वेबसाइट www.bestfinance.com.np मा हेर्नुहोला ।)
